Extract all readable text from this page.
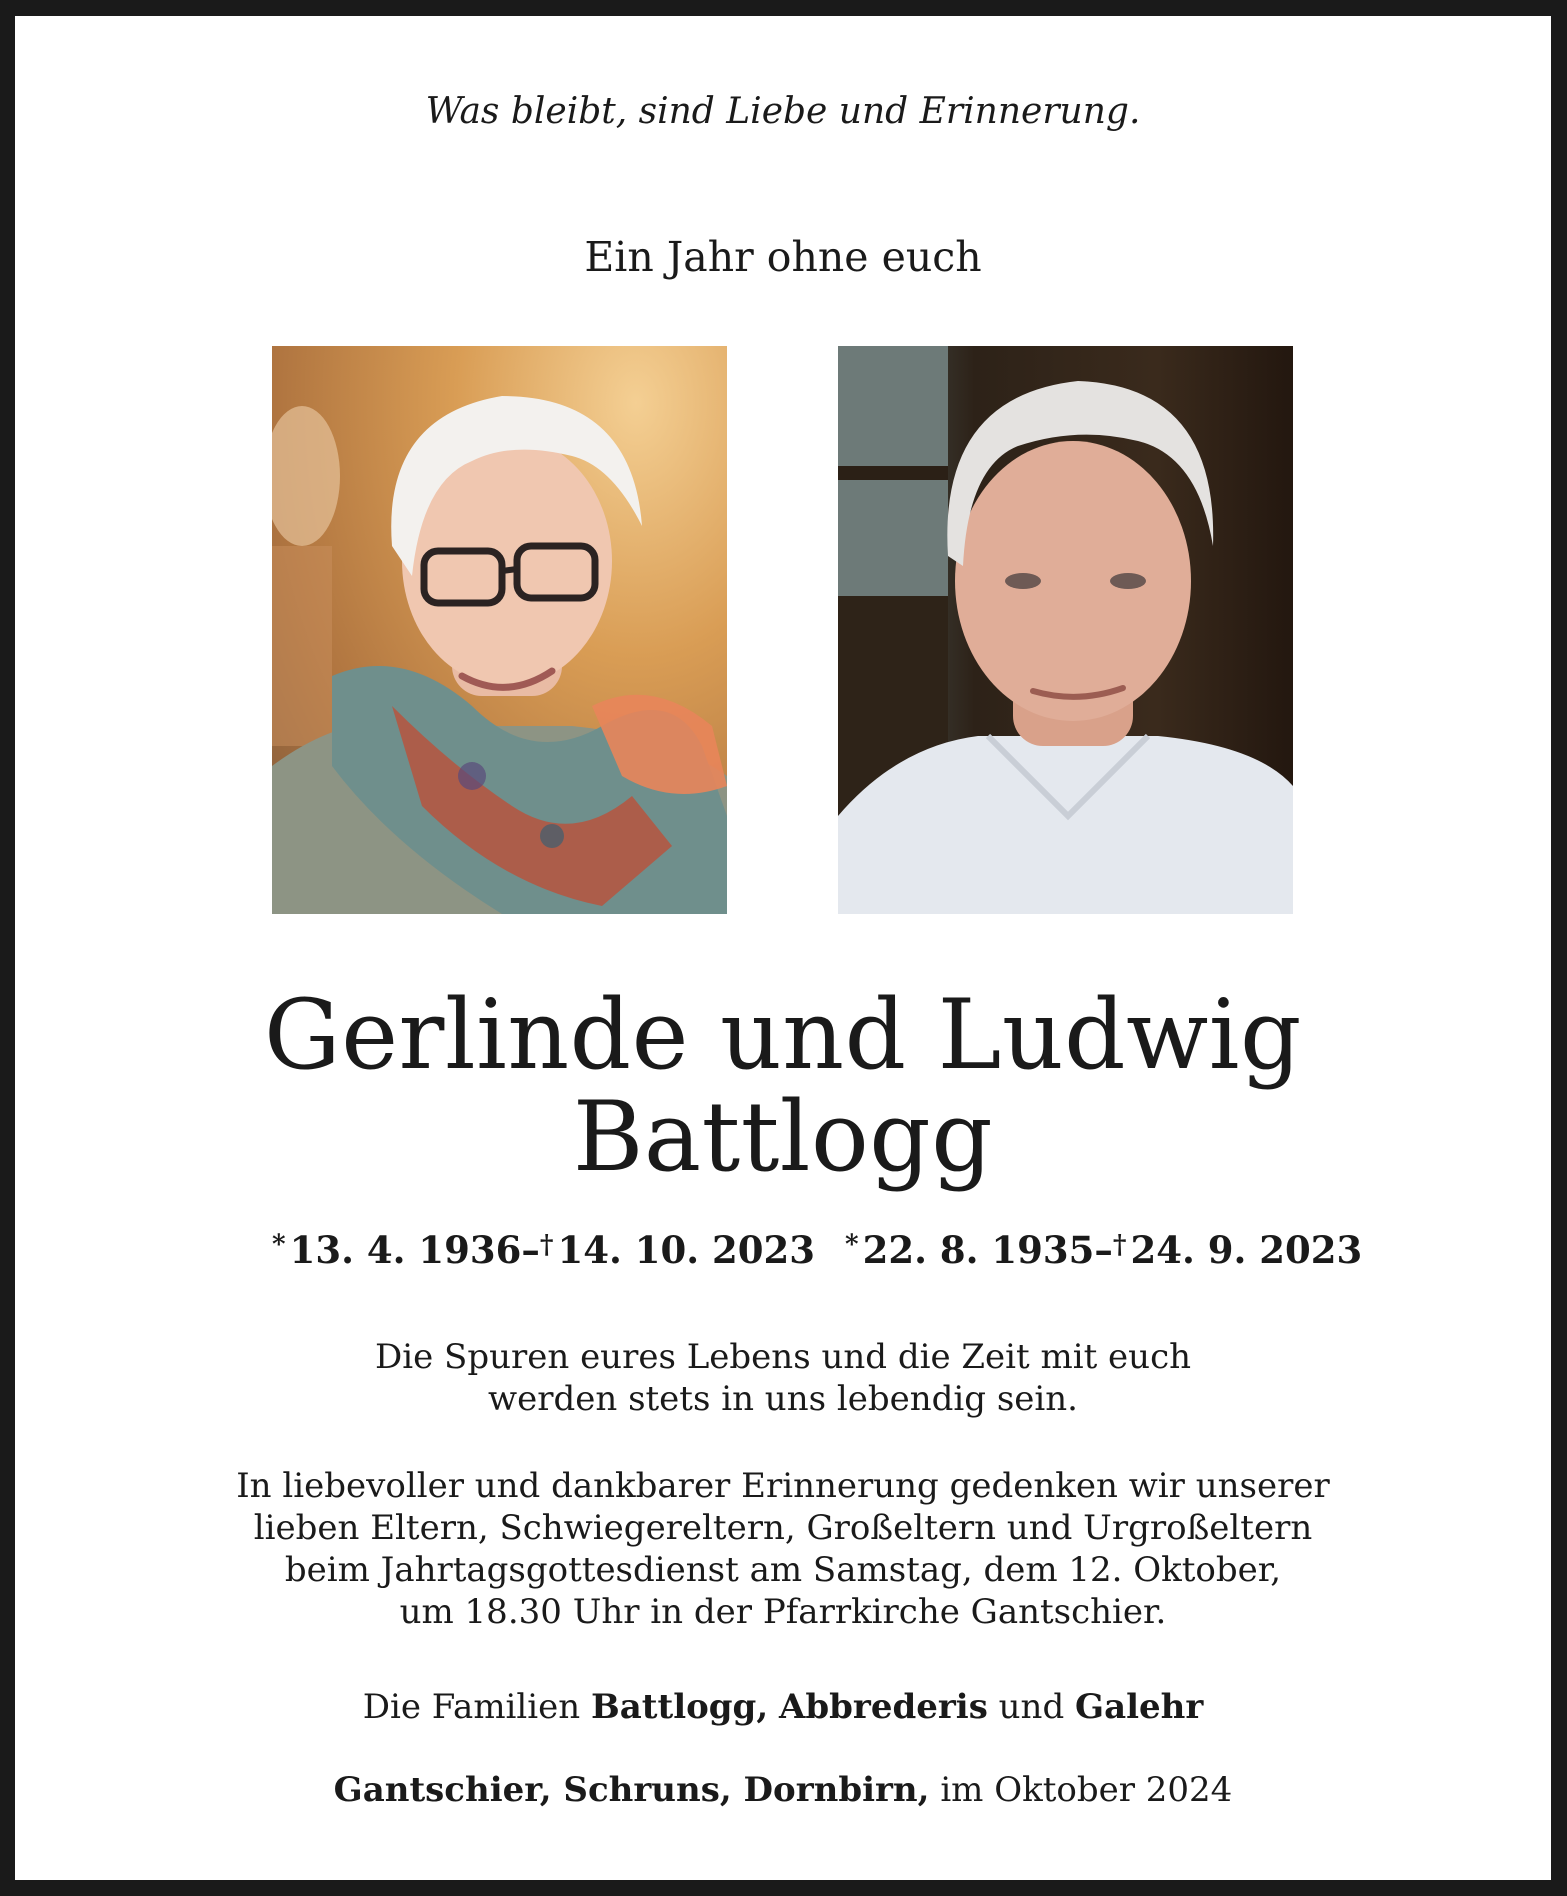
Was bleibt, sind Liebe und Erinnerung.
Ein Jahr ohne euch
Gerlinde und Ludwig
Battlogg
* 13. 4. 1936–† 14. 10. 2023 * 22. 8. 1935–† 24. 9. 2023
Die Spuren eures Lebens und die Zeit mit euch
werden stets in uns lebendig sein.
In liebevoller und dankbarer Erinnerung gedenken wir unserer
lieben Eltern, Schwiegereltern, Großeltern und Urgroßeltern
beim Jahrtagsgottesdienst am Samstag, dem 12. Oktober,
um 18.30 Uhr in der Pfarrkirche Gantschier.
Die Familien Battlogg, Abbrederis und Galehr
Gantschier, Schruns, Dornbirn, im Oktober 2024
